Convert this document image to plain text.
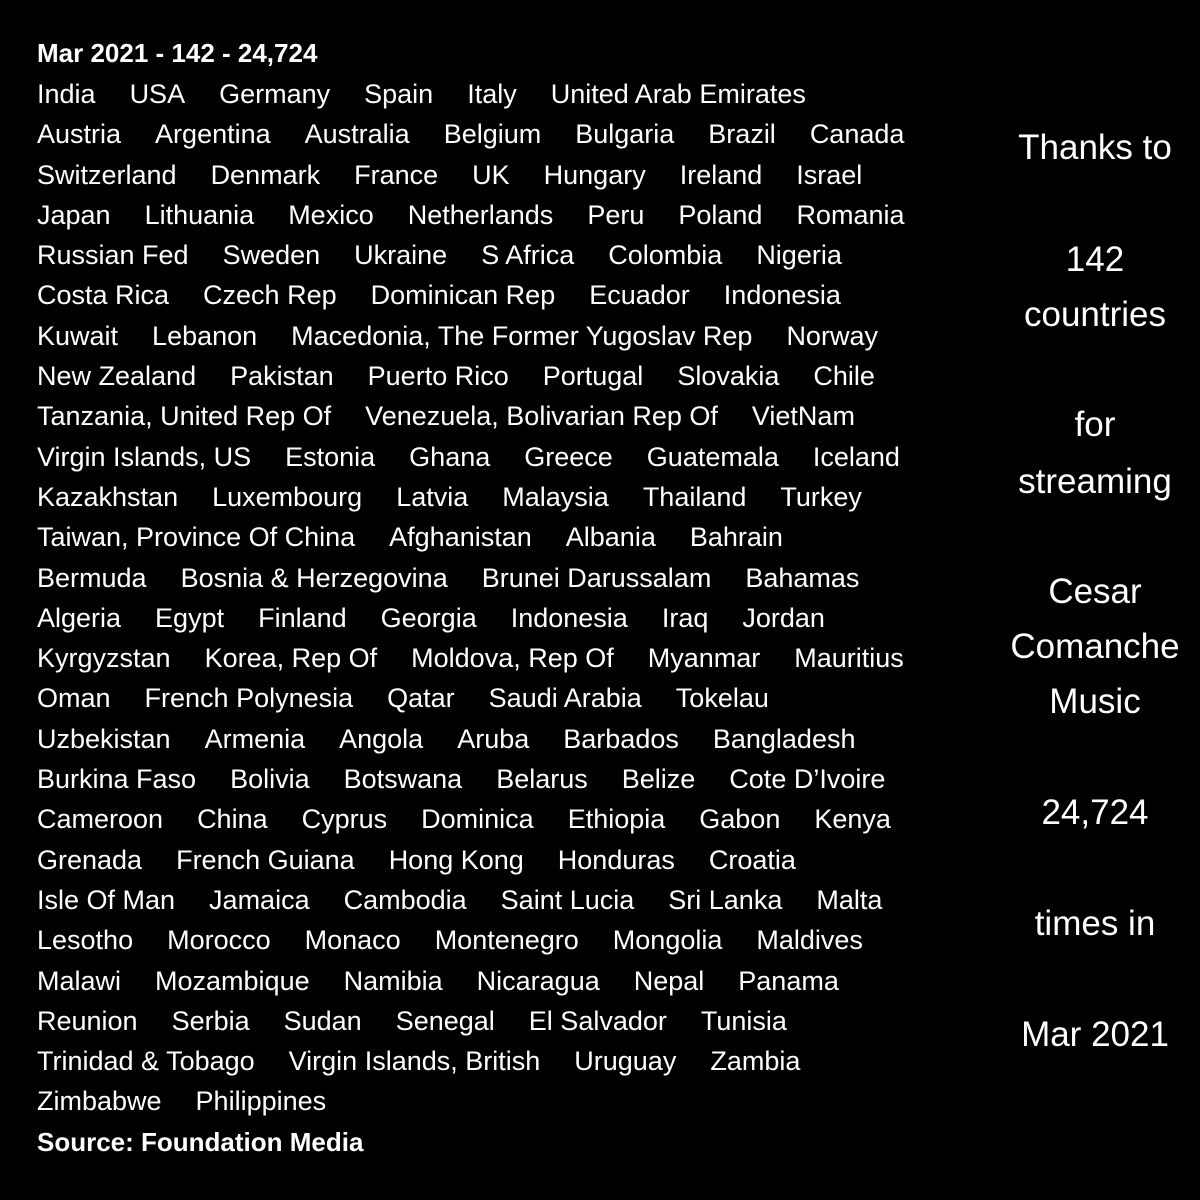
Mar 2021 - 142 - 24,724
India USA Germany Spain Italy United Arab Emirates
Austria Argentina Australia Belgium Bulgaria Brazil Canada
Switzerland Denmark France UK Hungary Ireland Israel
Japan Lithuania Mexico Netherlands Peru Poland Romania
Russian Fed Sweden Ukraine S Africa Colombia Nigeria
Costa Rica Czech Rep Dominican Rep Ecuador Indonesia
Kuwait Lebanon Macedonia, The Former Yugoslav Rep Norway
New Zealand Pakistan Puerto Rico Portugal Slovakia Chile
Tanzania, United Rep Of Venezuela, Bolivarian Rep Of VietNam
Virgin Islands, US Estonia Ghana Greece Guatemala Iceland
Kazakhstan Luxembourg Latvia Malaysia Thailand Turkey
Taiwan, Province Of China Afghanistan Albania Bahrain
Bermuda Bosnia & Herzegovina Brunei Darussalam Bahamas
Algeria Egypt Finland Georgia Indonesia Iraq Jordan
Kyrgyzstan Korea, Rep Of Moldova, Rep Of Myanmar Mauritius
Oman French Polynesia Qatar Saudi Arabia Tokelau
Uzbekistan Armenia Angola Aruba Barbados Bangladesh
Burkina Faso Bolivia Botswana Belarus Belize Cote D’Ivoire
Cameroon China Cyprus Dominica Ethiopia Gabon Kenya
Grenada French Guiana Hong Kong Honduras Croatia
Isle Of Man Jamaica Cambodia Saint Lucia Sri Lanka Malta
Lesotho Morocco Monaco Montenegro Mongolia Maldives
Malawi Mozambique Namibia Nicaragua Nepal Panama
Reunion Serbia Sudan Senegal El Salvador Tunisia
Trinidad & Tobago Virgin Islands, British Uruguay Zambia
Zimbabwe Philippines
Source: Foundation Media
Thanks to
142
countries
for
streaming
Cesar
Comanche
Music
24,724
times in
Mar 2021
